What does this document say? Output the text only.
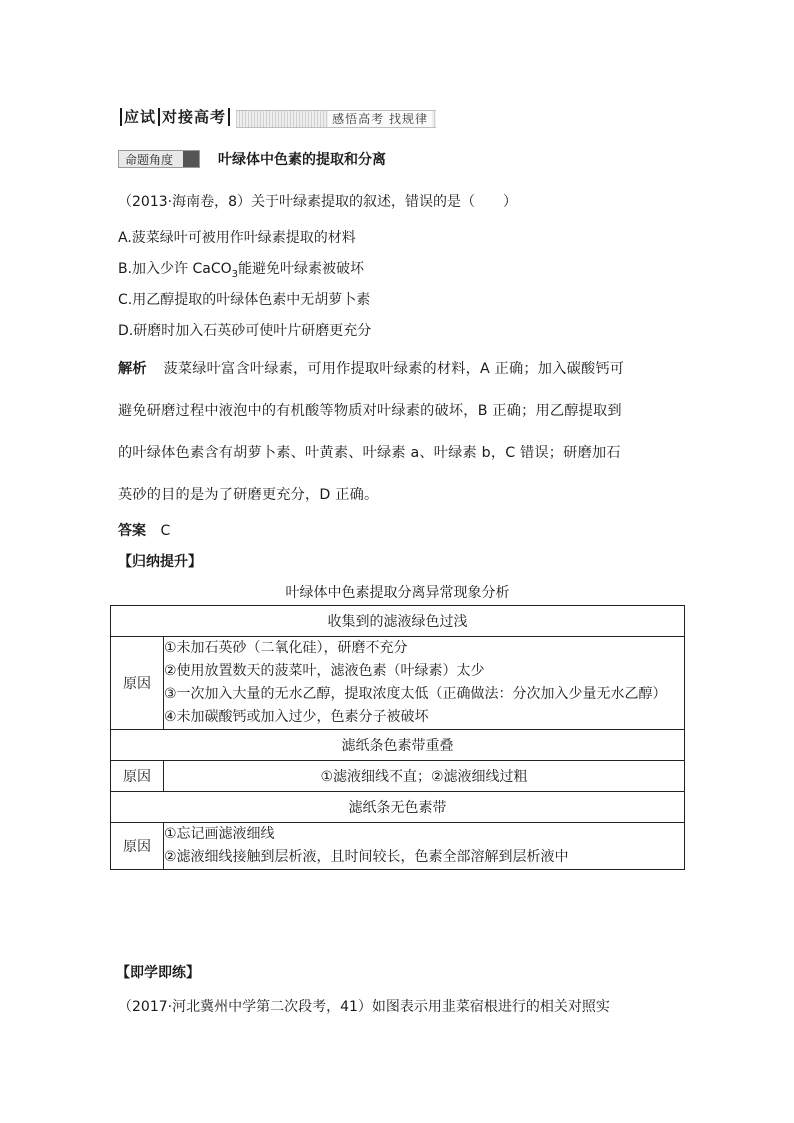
感悟高考 找规律
应试 对接高考
命题角度	叶绿体中色素的提取和分离
（2013·海南卷，8）关于叶绿素提取的叙述，错误的是（　　）
A.菠菜绿叶可被用作叶绿素提取的材料
B.加入少许 CaCO$_3$能避免叶绿素被破坏
C.用乙醇提取的叶绿体色素中无胡萝卜素
D.研磨时加入石英砂可使叶片研磨更充分
解析 菠菜绿叶富含叶绿素，可用作提取叶绿素的材料，A 正确；加入碳酸钙可
避免研磨过程中液泡中的有机酸等物质对叶绿素的破坏，B 正确；用乙醇提取到
的叶绿体色素含有胡萝卜素、叶黄素、叶绿素 a、叶绿素 b，C 错误；研磨加石
英砂的目的是为了研磨更充分，D 正确。
答案 C
【归纳提升】
叶绿体中色素提取分离异常现象分析
收集到的滤液绿色过浅	
原因	①未加石英砂（二氧化硅），研磨不充分
②使用放置数天的菠菜叶，滤液色素（叶绿素）太少
③一次加入大量的无水乙醇，提取浓度太低（正确做法：分次加入少量无水乙醇）
④未加碳酸钙或加入过少，色素分子被破坏

滤纸条色素带重叠	
原因	①滤液细线不直；②滤液细线过粗
滤纸条无色素带	
原因	①忘记画滤液细线
②滤液细线接触到层析液，且时间较长，色素全部溶解到层析液中
【即学即练】
（2017·河北冀州中学第二次段考，41）如图表示用韭菜宿根进行的相关对照实
